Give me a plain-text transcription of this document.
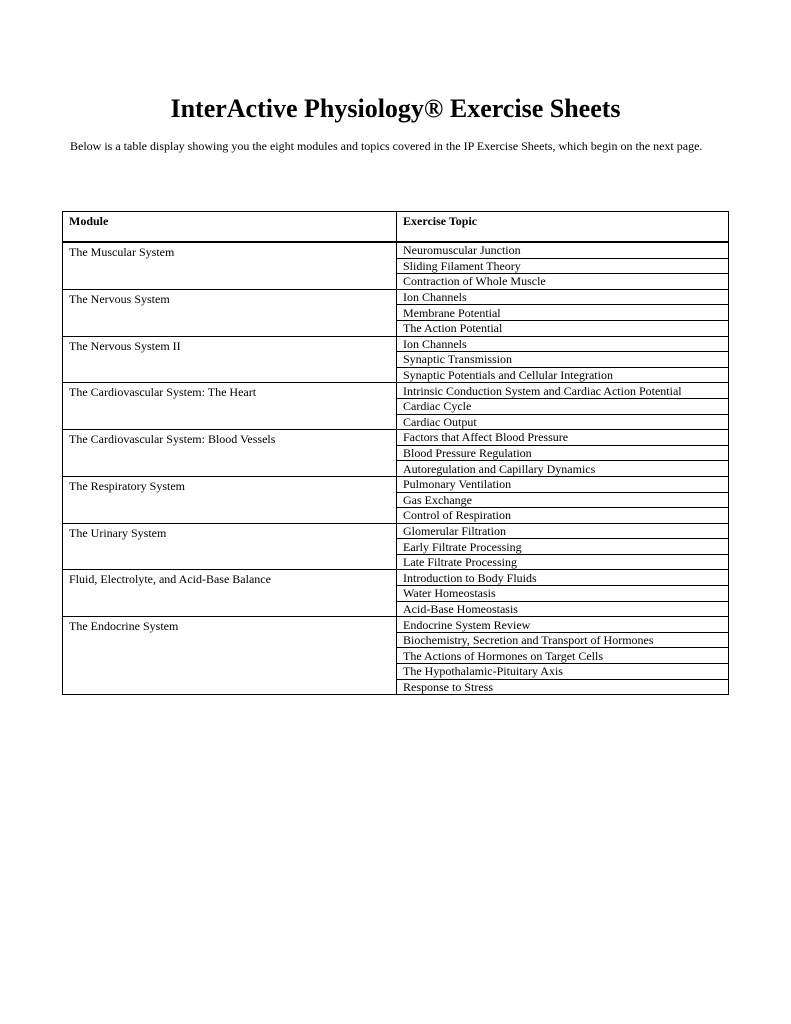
InterActive Physiology® Exercise Sheets

Below is a table display showing you the eight modules and topics covered in the IP Exercise Sheets, which begin on the next page.

Module	Exercise Topic
The Muscular System	Neuromuscular Junction
	Sliding Filament Theory
	Contraction of Whole Muscle
The Nervous System	Ion Channels
	Membrane Potential
	The Action Potential
The Nervous System II	Ion Channels
	Synaptic Transmission
	Synaptic Potentials and Cellular Integration
The Cardiovascular System: The Heart	Intrinsic Conduction System and Cardiac Action Potential
	Cardiac Cycle
	Cardiac Output
The Cardiovascular System: Blood Vessels	Factors that Affect Blood Pressure
	Blood Pressure Regulation
	Autoregulation and Capillary Dynamics
The Respiratory System	Pulmonary Ventilation
	Gas Exchange
	Control of Respiration
The Urinary System	Glomerular Filtration
	Early Filtrate Processing
	Late Filtrate Processing
Fluid, Electrolyte, and Acid-Base Balance	Introduction to Body Fluids
	Water Homeostasis
	Acid-Base Homeostasis
The Endocrine System	Endocrine System Review
	Biochemistry, Secretion and Transport of Hormones
	The Actions of Hormones on Target Cells
	The Hypothalamic-Pituitary Axis
	Response to Stress
